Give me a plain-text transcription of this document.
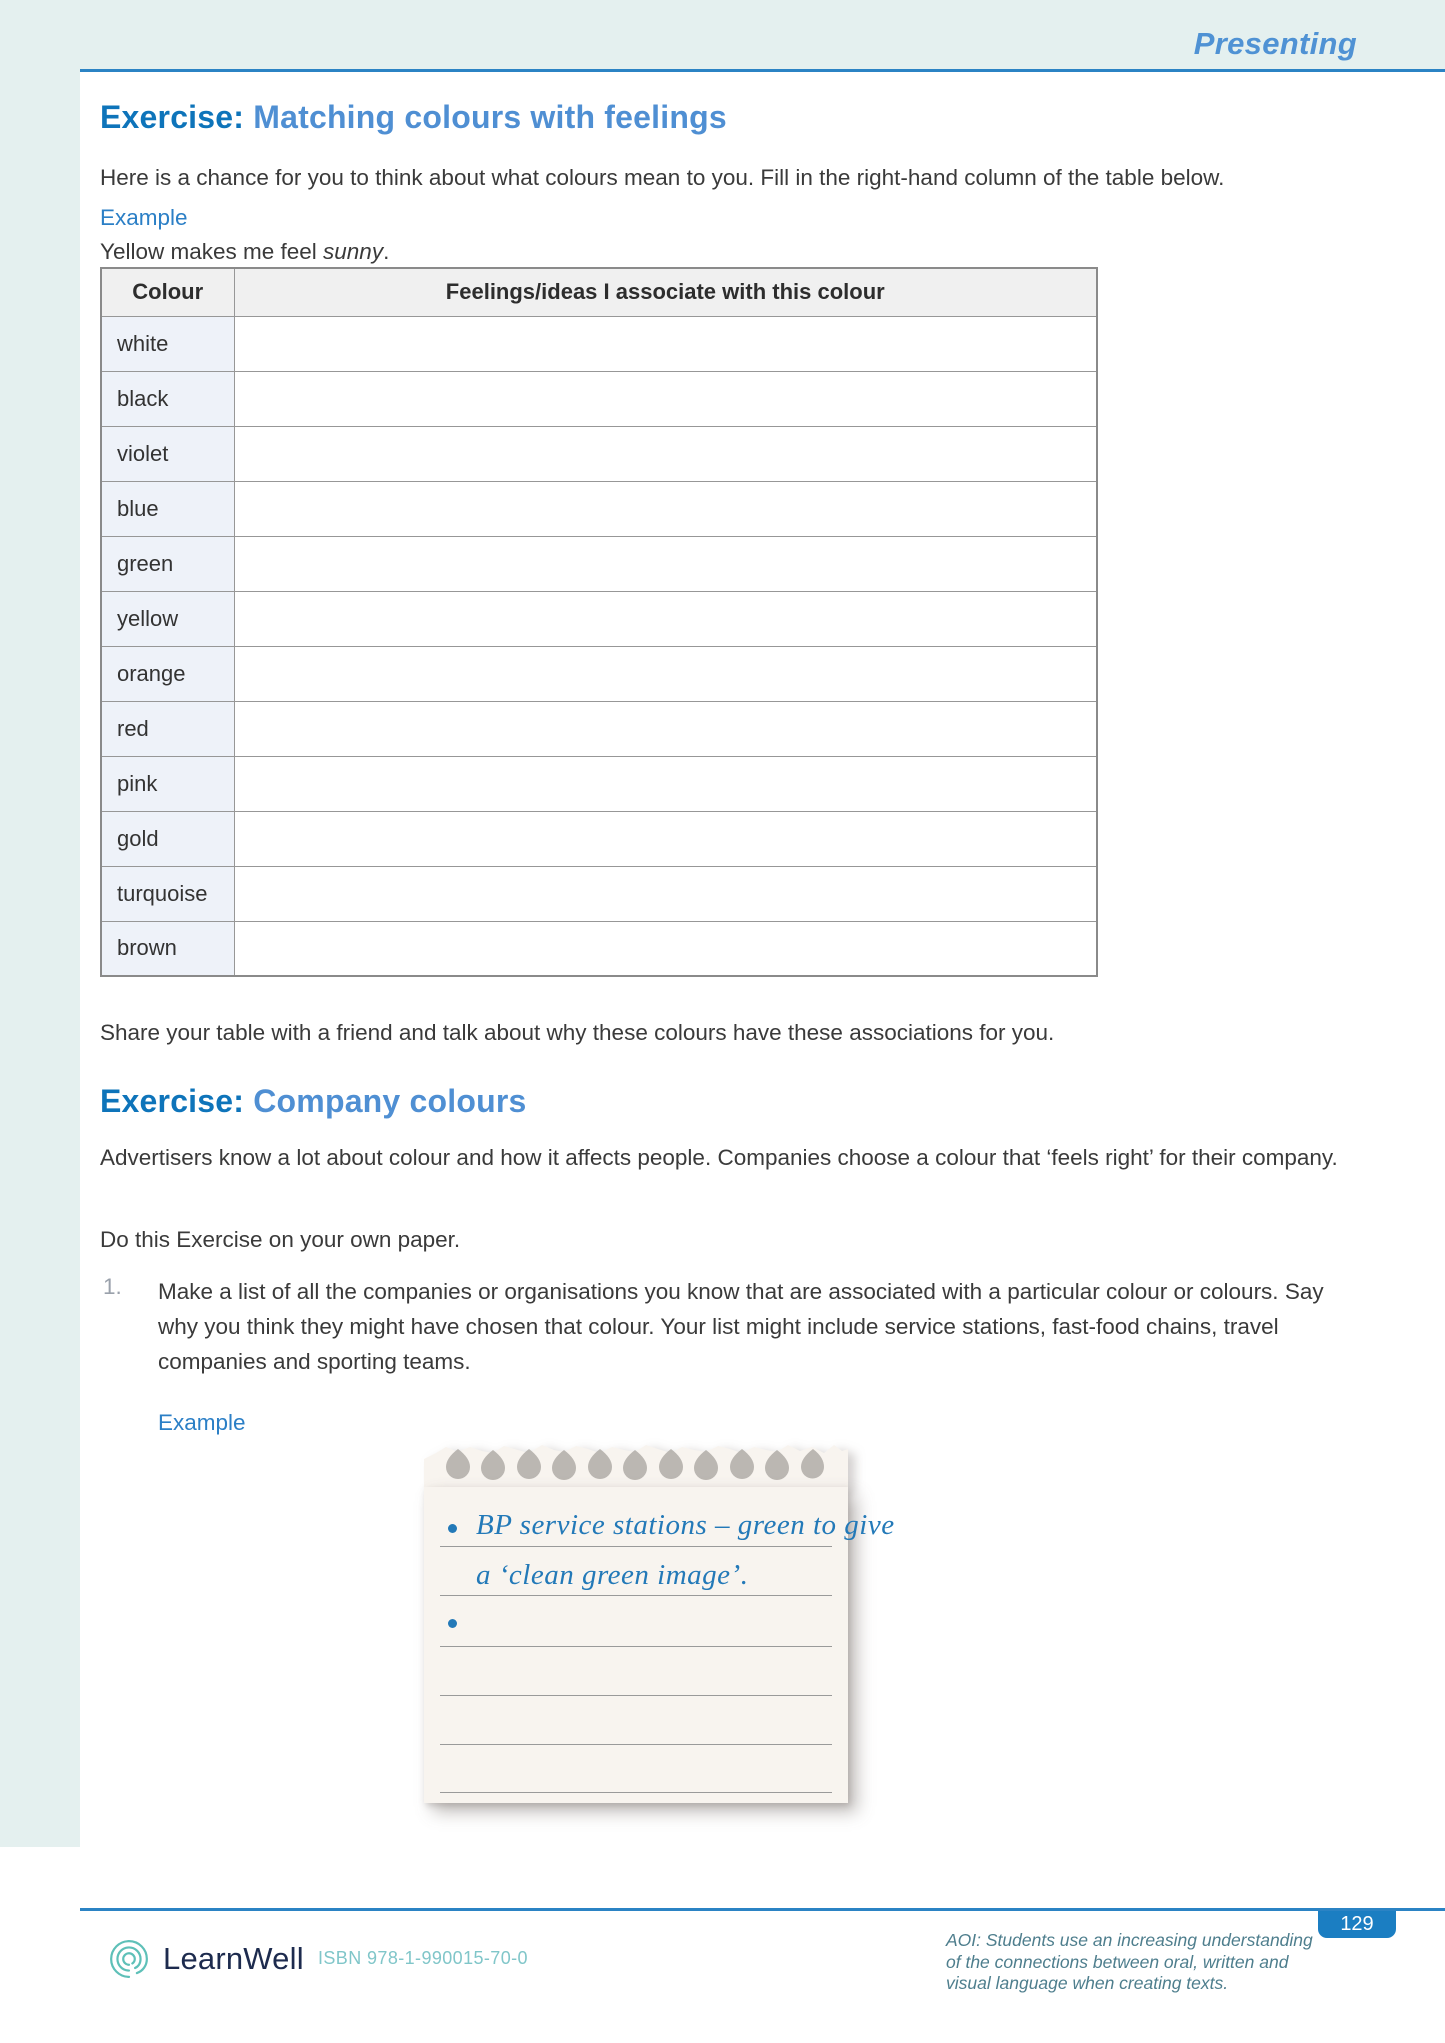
Presenting
Exercise: Matching colours with feelings

Here is a chance for you to think about what colours mean to you. Fill in the right-hand column of the table below.

Example

Yellow makes me feel sunny.

Colour	Feelings/ideas I associate with this colour
white	
black	
violet	
blue	
green	
yellow	
orange	
red	
pink	
gold	
turquoise	
brown	

Share your table with a friend and talk about why these colours have these associations for you.

Exercise: Company colours

Advertisers know a lot about colour and how it affects people. Companies choose a colour that ‘feels right’ for their company.

Do this Exercise on your own paper.

1. Make a list of all the companies or organisations you know that are associated with a particular colour or colours. Say why you think they might have chosen that colour. Your list might include service stations, fast-food chains, travel companies and sporting teams.

Example

BP service stations – green to give
a ‘clean green image’.
LearnWell ISBN 978-1-990015-70-0
AOI: Students use an increasing understanding of the connections between oral, written and visual language when creating texts.
129
